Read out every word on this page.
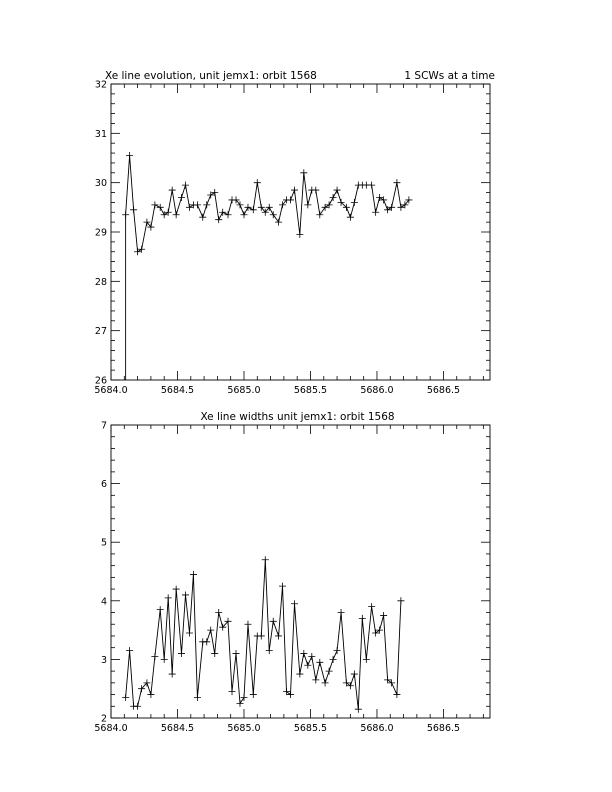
Xe line evolution, unit jemx1: orbit 1568	1 SCWs at a time
5684.0	5684.5	5685.0	5685.5	5686.0	5686.5
26
27
28
29
30
31
32
Xe line widths unit jemx1: orbit 1568
5684.0	5684.5	5685.0	5685.5	5686.0	5686.5
2
3
4
5
6
7
